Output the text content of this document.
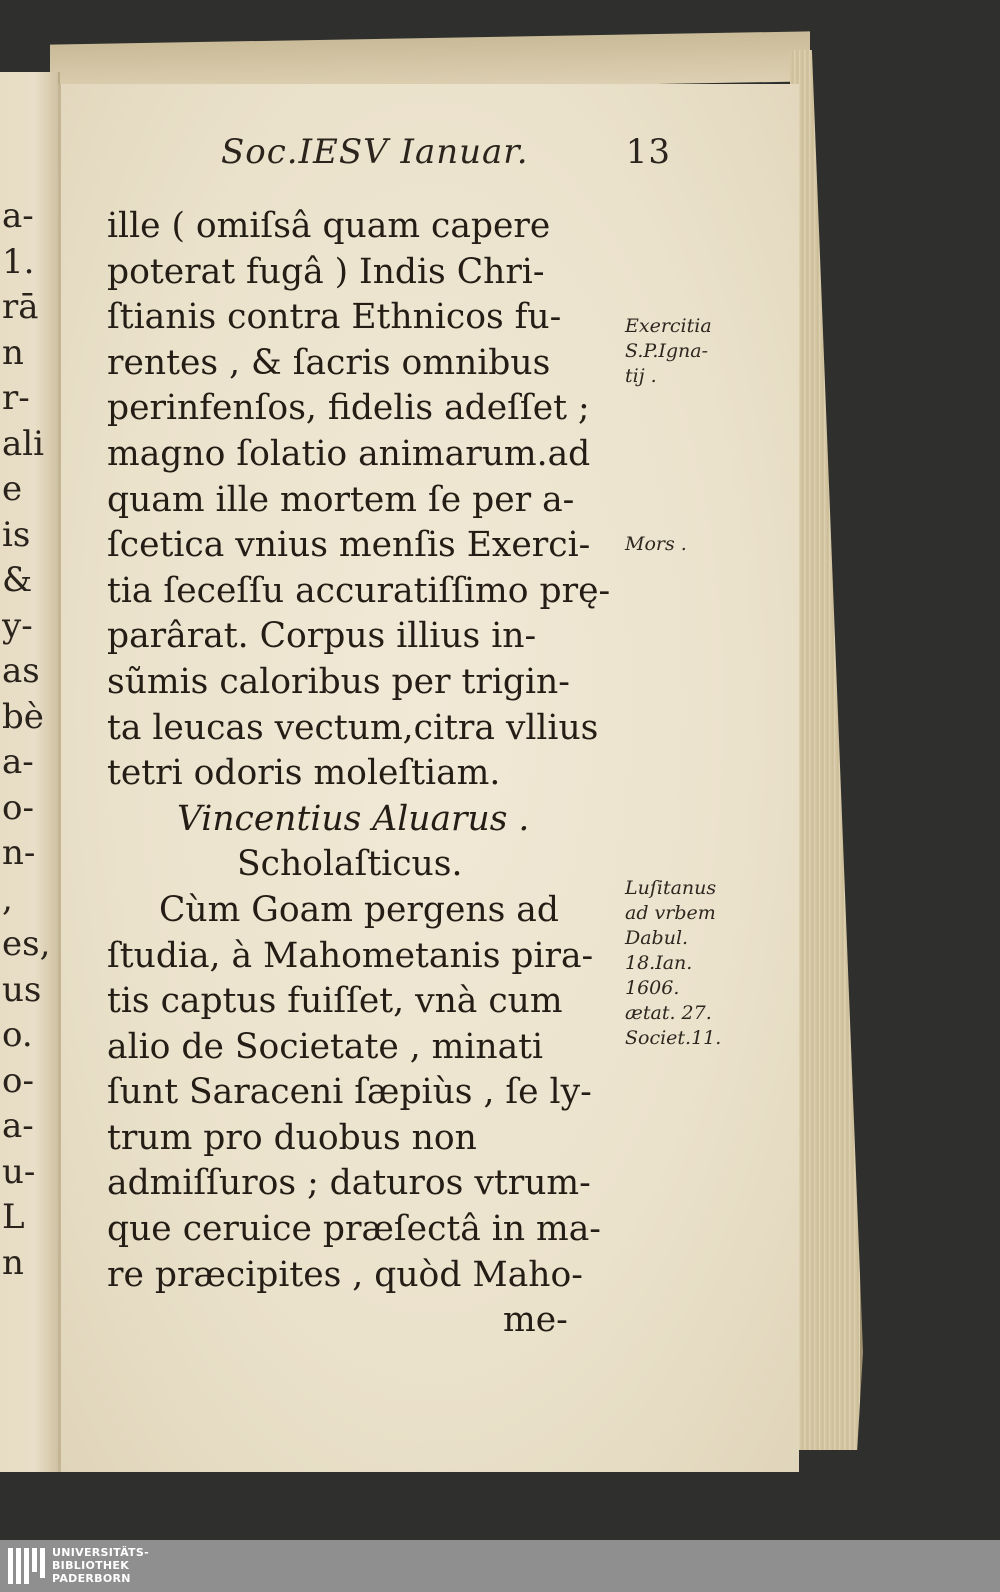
a-
1.
rā
n
r-
ali
e
is
&
y-
as
bè
a-
o-
n-
,
es,
us
o.
o-
a-
u-
L
n
Soc.IESV Ianuar.	13
ille ( omiſsâ quam capere
poterat fugâ ) Indis Chri-
ſtianis contra Ethnicos fu-
rentes , & ſacris omnibus
perinfenſos, fidelis adeſſet ;
magno ſolatio animarum.ad
quam ille mortem ſe per a-
ſcetica vnius menſis Exerci-
tia ſeceſſu accuratiſſimo prę-
parârat. Corpus illius in-
sũmis caloribus per trigin-
ta leucas vectum,citra vllius
tetri odoris moleſtiam.
Vincentius Aluarus .
Scholaſticus.
Cùm Goam pergens ad
ſtudia, à Mahometanis pira-
tis captus fuiſſet, vnà cum
alio de Societate , minati
ſunt Saraceni ſæpiùs , ſe ly-
trum pro duobus non
admiſſuros ; daturos vtrum-
que ceruice præſectâ in ma-
re præcipites , quòd Maho-
me-
Exercitia
S.P.Igna-
tij .
Mors .
Luſitanus
ad vrbem
Dabul.
18.Ian.
1606.
ætat. 27.
Societ.11.
UNIVERSITÄTS-
BIBLIOTHEK
PADERBORN
